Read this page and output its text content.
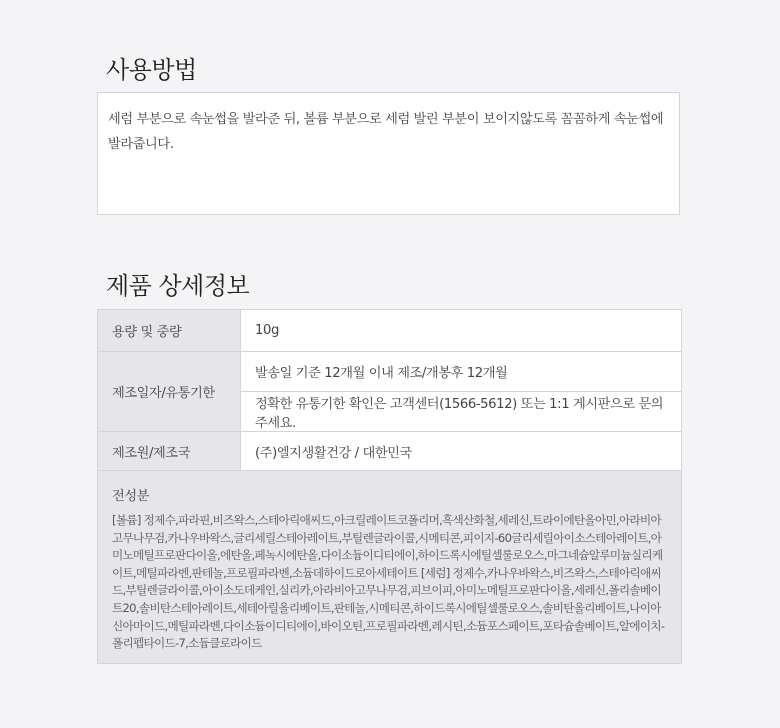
사용방법
세럼 부분으로 속눈썹을 발라준 뒤, 볼륨 부분으로 세럼 발린 부분이 보이지않도록 꼼꼼하게 속눈썹에 발라줍니다.
제품 상세정보
용량 및 중량	10g
제조일자/유통기한	발송일 기준 12개월 이내 제조/개봉후 12개월
	정확한 유통기한 확인은 고객센터(1566-5612) 또는 1:1 게시판으로 문의주세요.
제조원/제조국	(주)엘지생활건강 / 대한민국
전성분
[볼륨] 정제수,파라핀,비즈왁스,스테아릭애씨드,아크릴레이트코폴리머,흑색산화철,세레신,트라이에탄올아민,아라비아고무나무검,카나우바왁스,글리세릴스테아레이트,부틸렌글라이콜,시메티콘,피이지-60글리세릴아이소스테아레이트,아미노메틸프로판다이올,에탄올,페녹시에탄올,다이소듐이디티에이,하이드록시에틸셀룰로오스,마그네슘알루미늄실리케이트,메틸파라벤,판테놀,프로필파라벤,소듐데하이드로아세테이트 [세럼] 정제수,카나우바왁스,비즈왁스,스테아릭애씨드,부틸렌글라이콜,아이소도데케인,실리카,아라비아고무나무검,피브이피,아미노메틸프로판다이올,세레신,폴리솔베이트20,솔비탄스테아레이트,세테아릴올리베이트,판테놀,시메티콘,하이드록시에틸셀룰로오스,솔비탄올리베이트,나이아신아마이드,메틸파라벤,다이소듐이디티에이,바이오틴,프로필파라벤,레시틴,소듐포스페이트,포타슘솔베이트,알에이치-폴리펩타이드-7,소듐클로라이드
